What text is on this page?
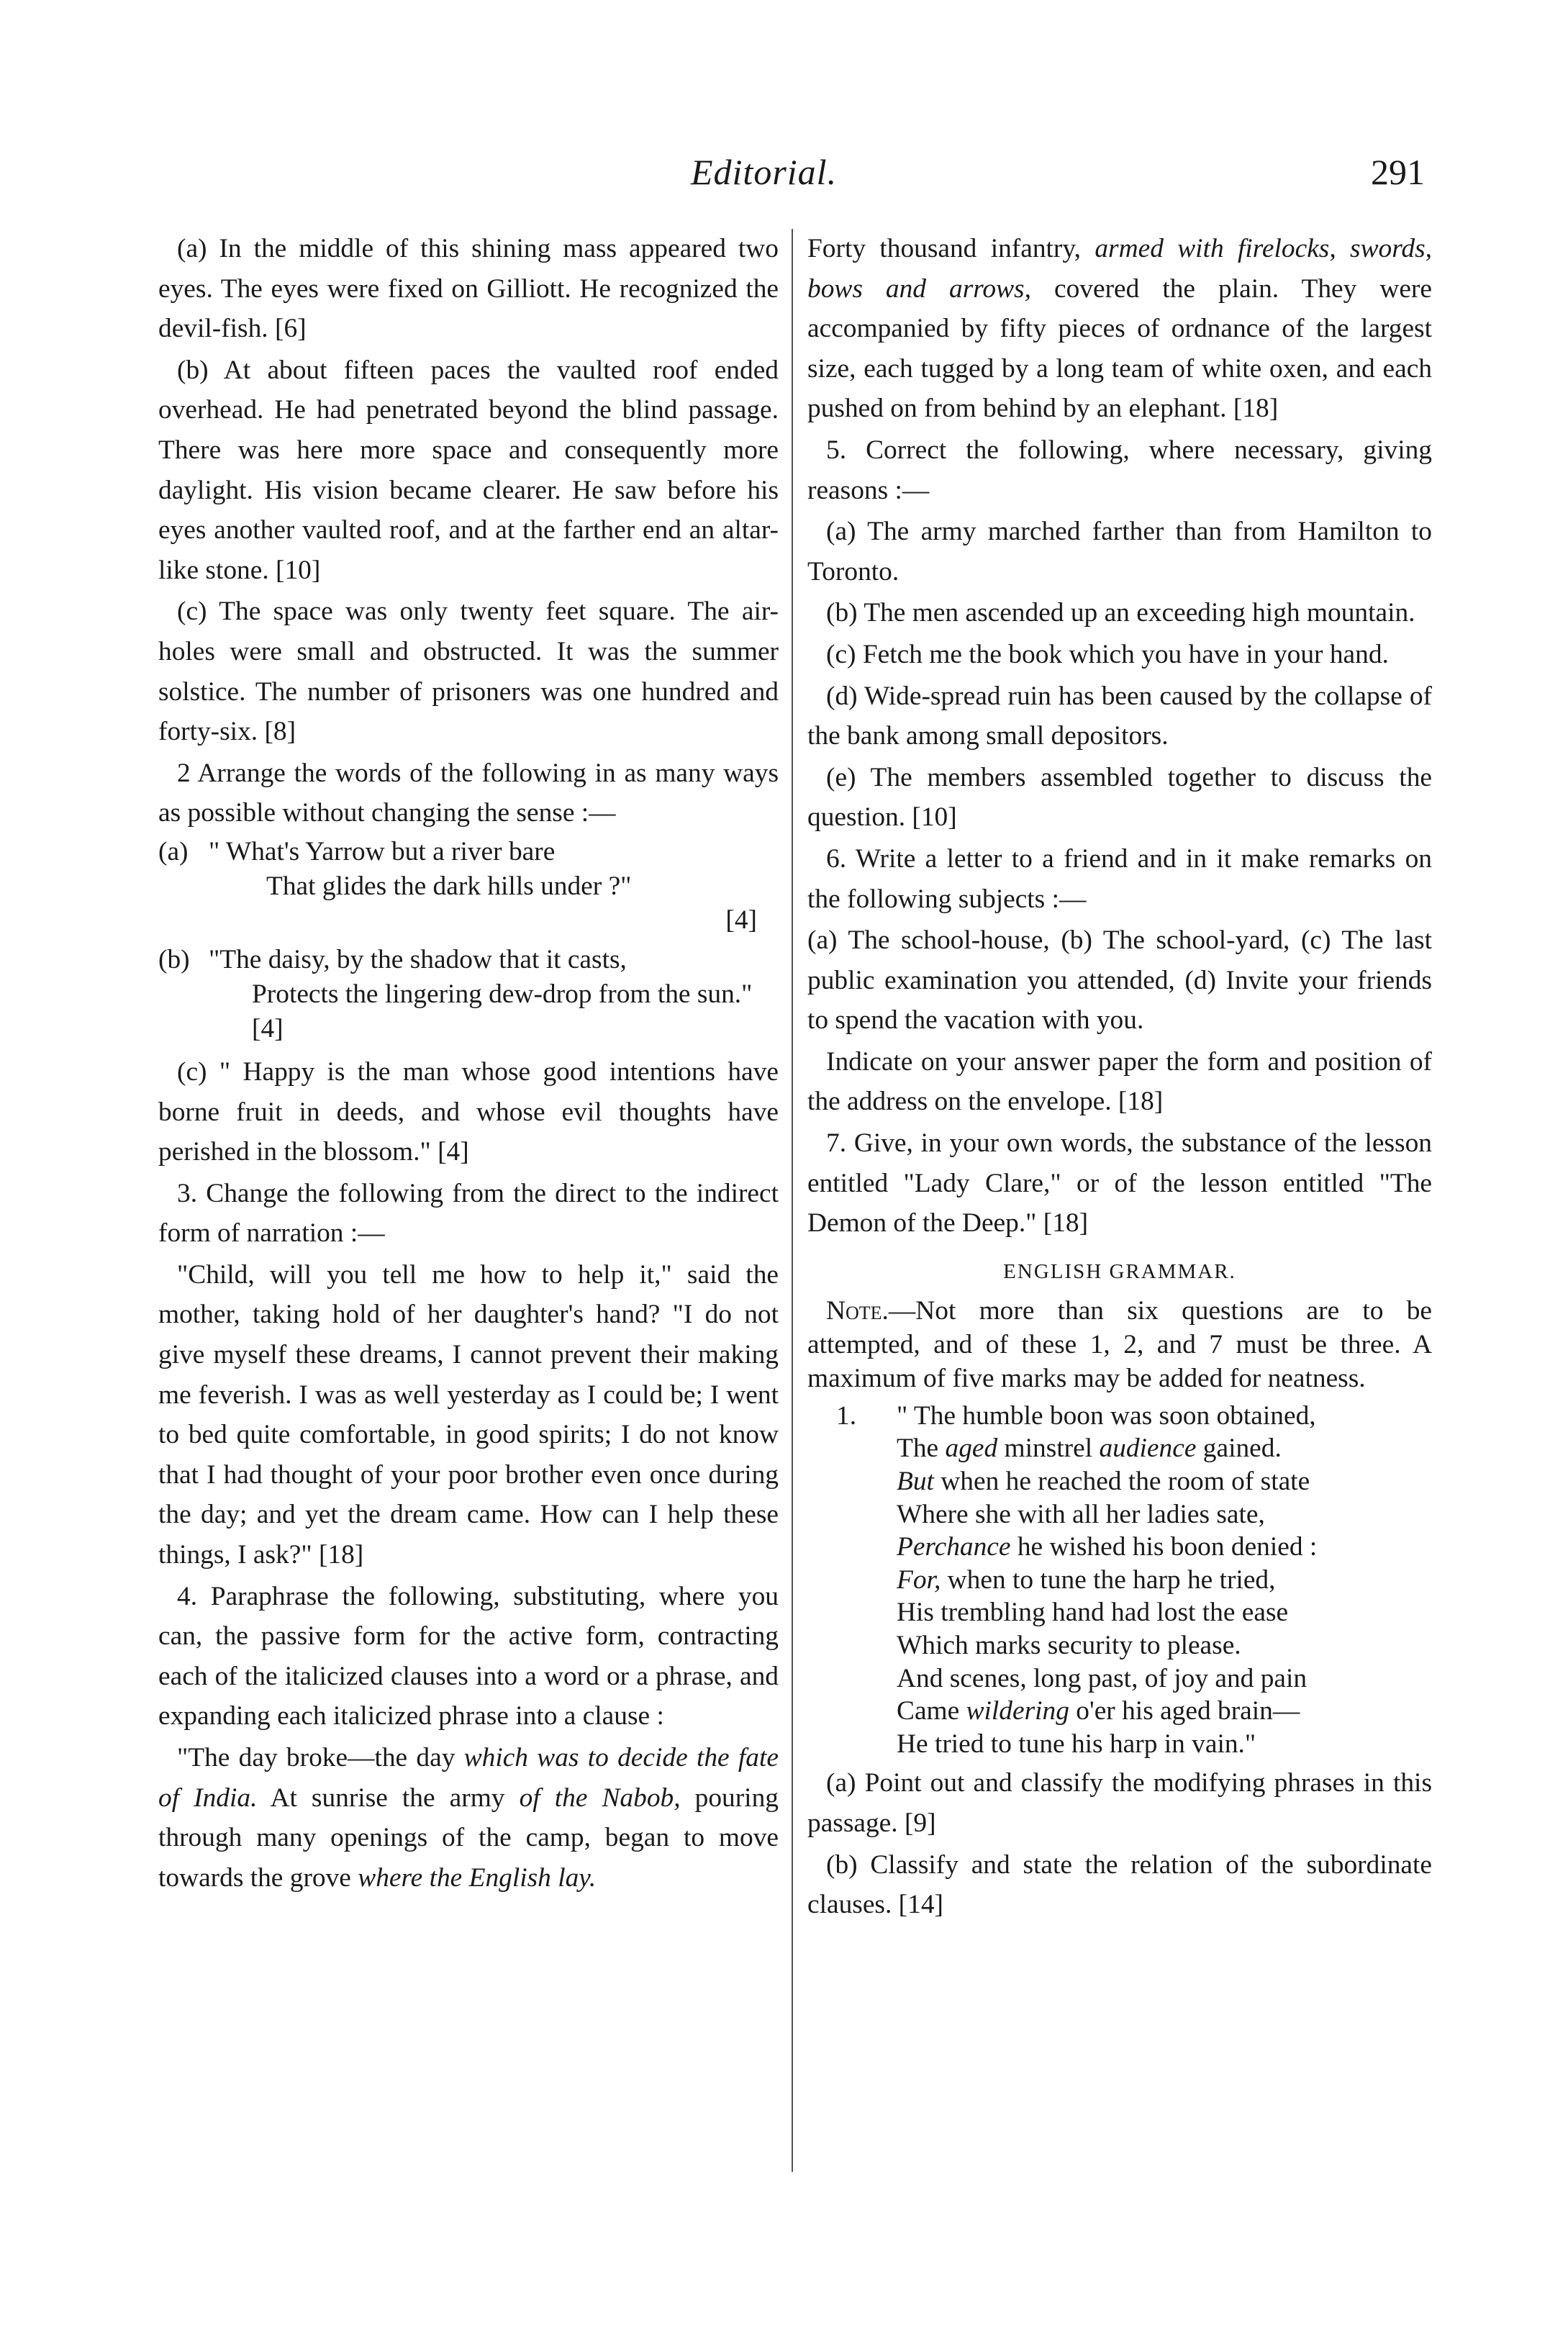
Editorial.	291

(a) In the middle of this shining mass appeared two eyes. The eyes were fixed on Gilliott. He recognized the devil-fish. [6]

(b) At about fifteen paces the vaulted roof ended overhead. He had penetrated beyond the blind passage. There was here more space and consequently more daylight. His vision became clearer. He saw before his eyes another vaulted roof, and at the farther end an altar-like stone. [10]

(c) The space was only twenty feet square. The air-holes were small and obstructed. It was the summer solstice. The number of prisoners was one hundred and forty-six. [8]

2 Arrange the words of the following in as many ways as possible without changing the sense :—

(a) " What's Yarrow but a river bare
That glides the dark hills under ?"
[4]
(b) "The daisy, by the shadow that it casts,
Protects the lingering dew-drop from the sun." [4]

(c) " Happy is the man whose good intentions have borne fruit in deeds, and whose evil thoughts have perished in the blossom." [4]

3. Change the following from the direct to the indirect form of narration :—

"Child, will you tell me how to help it," said the mother, taking hold of her daughter's hand? "I do not give myself these dreams, I cannot prevent their making me feverish. I was as well yesterday as I could be; I went to bed quite comfortable, in good spirits; I do not know that I had thought of your poor brother even once during the day; and yet the dream came. How can I help these things, I ask?" [18]

4. Paraphrase the following, substituting, where you can, the passive form for the active form, contracting each of the italicized clauses into a word or a phrase, and expanding each italicized phrase into a clause :

"The day broke—the day which was to decide the fate of India. At sunrise the army of the Nabob, pouring through many openings of the camp, began to move towards the grove where the English lay.

Forty thousand infantry, armed with firelocks, swords, bows and arrows, covered the plain. They were accompanied by fifty pieces of ordnance of the largest size, each tugged by a long team of white oxen, and each pushed on from behind by an elephant. [18]

5. Correct the following, where necessary, giving reasons :—

(a) The army marched farther than from Hamilton to Toronto.

(b) The men ascended up an exceeding high mountain.

(c) Fetch me the book which you have in your hand.

(d) Wide-spread ruin has been caused by the collapse of the bank among small depositors.

(e) The members assembled together to discuss the question. [10]

6. Write a letter to a friend and in it make remarks on the following subjects :—

(a) The school-house, (b) The school-yard, (c) The last public examination you attended, (d) Invite your friends to spend the vacation with you.

Indicate on your answer paper the form and position of the address on the envelope. [18]

7. Give, in your own words, the substance of the lesson entitled "Lady Clare," or of the lesson entitled "The Demon of the Deep." [18]

ENGLISH GRAMMAR.

Note.—Not more than six questions are to be attempted, and of these 1, 2, and 7 must be three. A maximum of five marks may be added for neatness.

1. " The humble boon was soon obtained,
The aged minstrel audience gained.
But when he reached the room of state
Where she with all her ladies sate,
Perchance he wished his boon denied :
For, when to tune the harp he tried,
His trembling hand had lost the ease
Which marks security to please.
And scenes, long past, of joy and pain
Came wildering o'er his aged brain—
He tried to tune his harp in vain."

(a) Point out and classify the modifying phrases in this passage. [9]

(b) Classify and state the relation of the subordinate clauses. [14]
